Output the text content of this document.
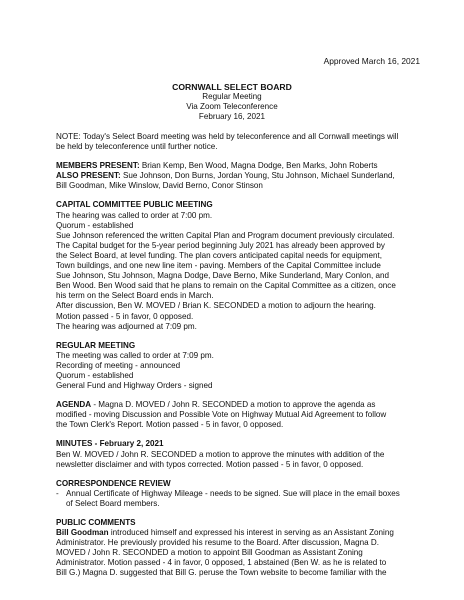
Approved March 16, 2021
CORNWALL SELECT BOARD
Regular Meeting
Via Zoom Teleconference
February 16, 2021
NOTE: Today's Select Board meeting was held by teleconference and all Cornwall meetings will
be held by teleconference until further notice.
MEMBERS PRESENT: Brian Kemp, Ben Wood, Magna Dodge, Ben Marks, John Roberts
ALSO PRESENT: Sue Johnson, Don Burns, Jordan Young, Stu Johnson, Michael Sunderland,
Bill Goodman, Mike Winslow, David Berno, Conor Stinson
CAPITAL COMMITTEE PUBLIC MEETING
The hearing was called to order at 7:00 pm.
Quorum - established
Sue Johnson referenced the written Capital Plan and Program document previously circulated.
The Capital budget for the 5-year period beginning July 2021 has already been approved by
the Select Board, at level funding. The plan covers anticipated capital needs for equipment,
Town buildings, and one new line item - paving. Members of the Capital Committee include
Sue Johnson, Stu Johnson, Magna Dodge, Dave Berno, Mike Sunderland, Mary Conlon, and
Ben Wood. Ben Wood said that he plans to remain on the Capital Committee as a citizen, once
his term on the Select Board ends in March.
After discussion, Ben W. MOVED / Brian K. SECONDED a motion to adjourn the hearing.
Motion passed - 5 in favor, 0 opposed.
The hearing was adjourned at 7:09 pm.
REGULAR MEETING
The meeting was called to order at 7:09 pm.
Recording of meeting - announced
Quorum - established
General Fund and Highway Orders - signed
AGENDA - Magna D. MOVED / John R. SECONDED a motion to approve the agenda as
modified - moving Discussion and Possible Vote on Highway Mutual Aid Agreement to follow
the Town Clerk's Report. Motion passed - 5 in favor, 0 opposed.
MINUTES - February 2, 2021
Ben W. MOVED / John R. SECONDED a motion to approve the minutes with addition of the
newsletter disclaimer and with typos corrected. Motion passed - 5 in favor, 0 opposed.
CORRESPONDENCE REVIEW
- Annual Certificate of Highway Mileage - needs to be signed. Sue will place in the email boxes
of Select Board members.
PUBLIC COMMENTS
Bill Goodman introduced himself and expressed his interest in serving as an Assistant Zoning
Administrator. He previously provided his resume to the Board. After discussion, Magna D.
MOVED / John R. SECONDED a motion to appoint Bill Goodman as Assistant Zoning
Administrator. Motion passed - 4 in favor, 0 opposed, 1 abstained (Ben W. as he is related to
Bill G.) Magna D. suggested that Bill G. peruse the Town website to become familiar with the
